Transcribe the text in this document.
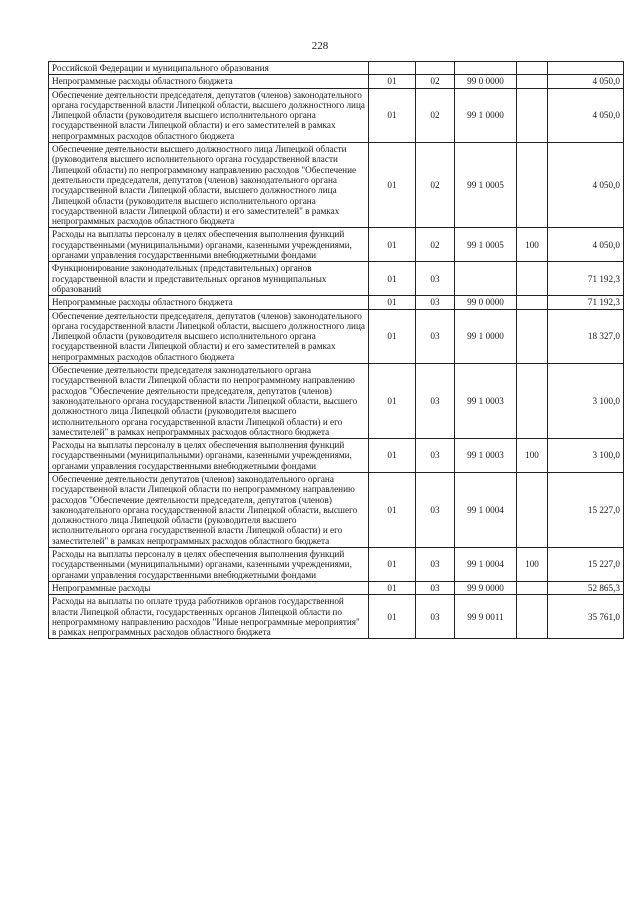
228
Российской Федерации и муниципального образования					
Непрограммные расходы областного бюджета	01	02	99 0 0000		4 050,0
Обеспечение деятельности председателя, депутатов (членов) законодательного органа государственной власти Липецкой области, высшего должностного лица Липецкой области (руководителя высшего исполнительного органа государственной власти Липецкой области) и его заместителей в рамках непрограммных расходов областного бюджета	01	02	99 1 0000		4 050,0
Обеспечение деятельности высшего должностного лица Липецкой области (руководителя высшего исполнительного органа государственной власти Липецкой области) по непрограммному направлению расходов "Обеспечение деятельности председателя, депутатов (членов) законодательного органа государственной власти Липецкой области, высшего должностного лица Липецкой области (руководителя высшего исполнительного органа государственной власти Липецкой области) и его заместителей" в рамках непрограммных расходов областного бюджета	01	02	99 1 0005		4 050,0
Расходы на выплаты персоналу в целях обеспечения выполнения функций государственными (муниципальными) органами, казенными учреждениями, органами управления государственными внебюджетными фондами	01	02	99 1 0005	100	4 050,0
Функционирование законодательных (представительных) органов государственной власти и представительных органов муниципальных образований	01	03			71 192,3
Непрограммные расходы областного бюджета	01	03	99 0 0000		71 192,3
Обеспечение деятельности председателя, депутатов (членов) законодательного органа государственной власти Липецкой области, высшего должностного лица Липецкой области (руководителя высшего исполнительного органа государственной власти Липецкой области) и его заместителей в рамках непрограммных расходов областного бюджета	01	03	99 1 0000		18 327,0
Обеспечение деятельности председателя законодательного органа государственной власти Липецкой области по непрограммному направлению расходов "Обеспечение деятельности председателя, депутатов (членов) законодательного органа государственной власти Липецкой области, высшего должностного лица Липецкой области (руководителя высшего исполнительного органа государственной власти Липецкой области) и его заместителей" в рамках непрограммных расходов областного бюджета	01	03	99 1 0003		3 100,0
Расходы на выплаты персоналу в целях обеспечения выполнения функций государственными (муниципальными) органами, казенными учреждениями, органами управления государственными внебюджетными фондами	01	03	99 1 0003	100	3 100,0
Обеспечение деятельности депутатов (членов) законодательного органа государственной власти Липецкой области по непрограммному направлению расходов "Обеспечение деятельности председателя, депутатов (членов) законодательного органа государственной власти Липецкой области, высшего должностного лица Липецкой области (руководителя высшего исполнительного органа государственной власти Липецкой области) и его заместителей" в рамках непрограммных расходов областного бюджета	01	03	99 1 0004		15 227,0
Расходы на выплаты персоналу в целях обеспечения выполнения функций государственными (муниципальными) органами, казенными учреждениями, органами управления государственными внебюджетными фондами	01	03	99 1 0004	100	15 227,0
Непрограммные расходы	01	03	99 9 0000		52 865,3
Расходы на выплаты по оплате труда работников органов государственной власти Липецкой области, государственных органов Липецкой области по непрограммному направлению расходов "Иные непрограммные мероприятия" в рамках непрограммных расходов областного бюджета	01	03	99 9 0011		35 761,0
